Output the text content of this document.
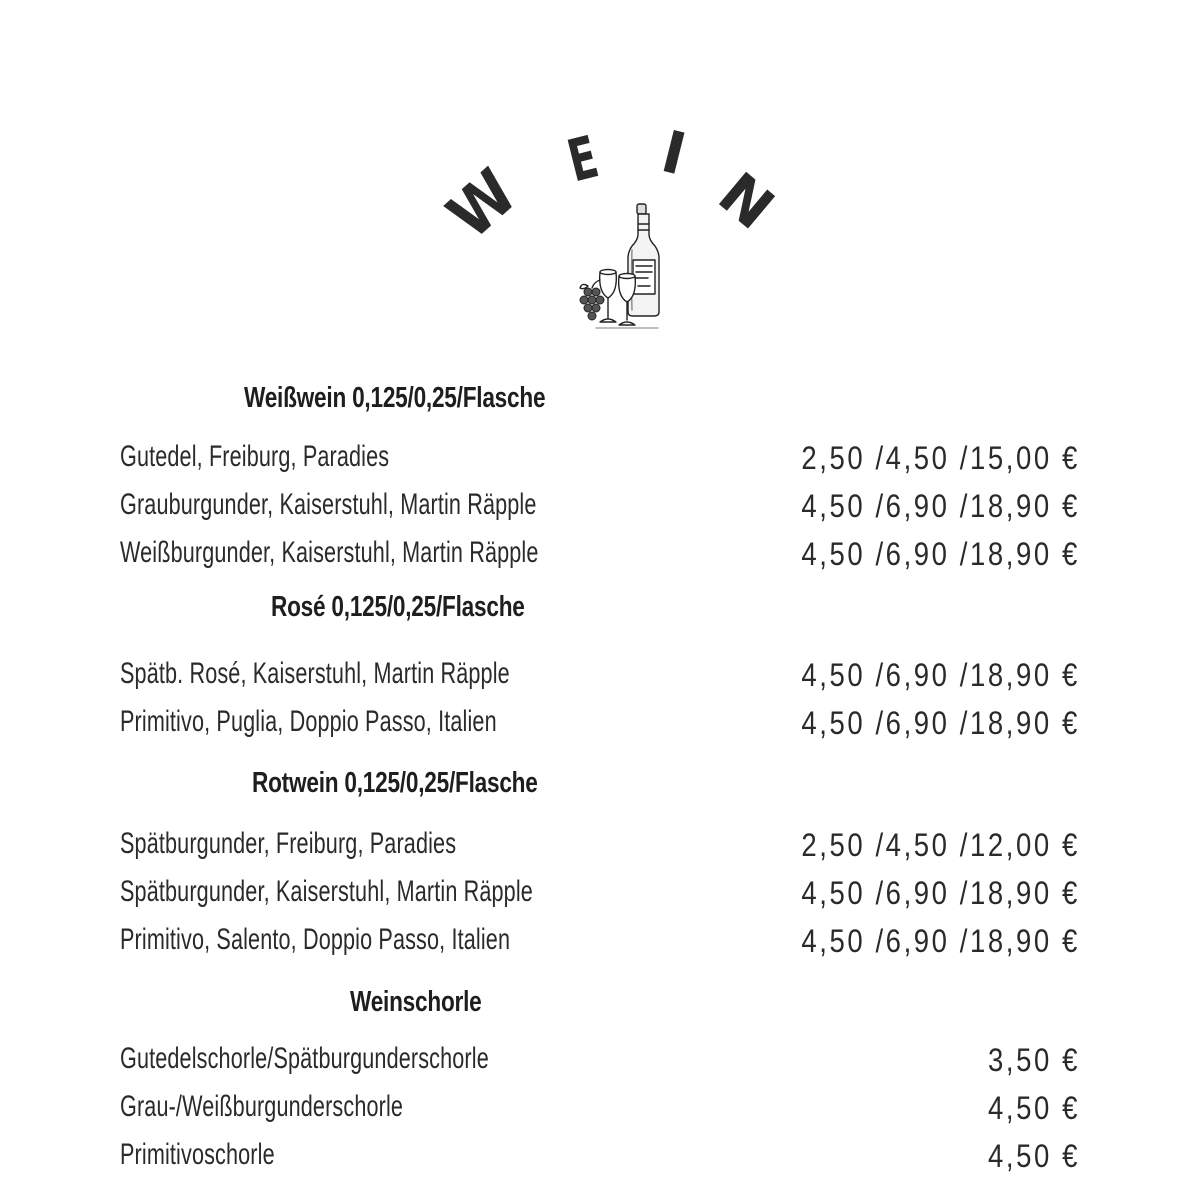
W E I
N
Weißwein 0,125/0,25/Flasche
Gutedel, Freiburg, Paradies	2,50 /4,50 /15,00 €
Grauburgunder, Kaiserstuhl, Martin Räpple	4,50 /6,90 /18,90 €
Weißburgunder, Kaiserstuhl, Martin Räpple	4,50 /6,90 /18,90 €
Rosé 0,125/0,25/Flasche
Spätb. Rosé, Kaiserstuhl, Martin Räpple	4,50 /6,90 /18,90 €
Primitivo, Puglia, Doppio Passo, Italien	4,50 /6,90 /18,90 €
Rotwein 0,125/0,25/Flasche
Spätburgunder, Freiburg, Paradies	2,50 /4,50 /12,00 €
Spätburgunder, Kaiserstuhl, Martin Räpple	4,50 /6,90 /18,90 €
Primitivo, Salento, Doppio Passo, Italien	4,50 /6,90 /18,90 €
Weinschorle
Gutedelschorle/Spätburgunderschorle	3,50 €
Grau-/Weißburgunderschorle	4,50 €
Primitivoschorle	4,50 €
